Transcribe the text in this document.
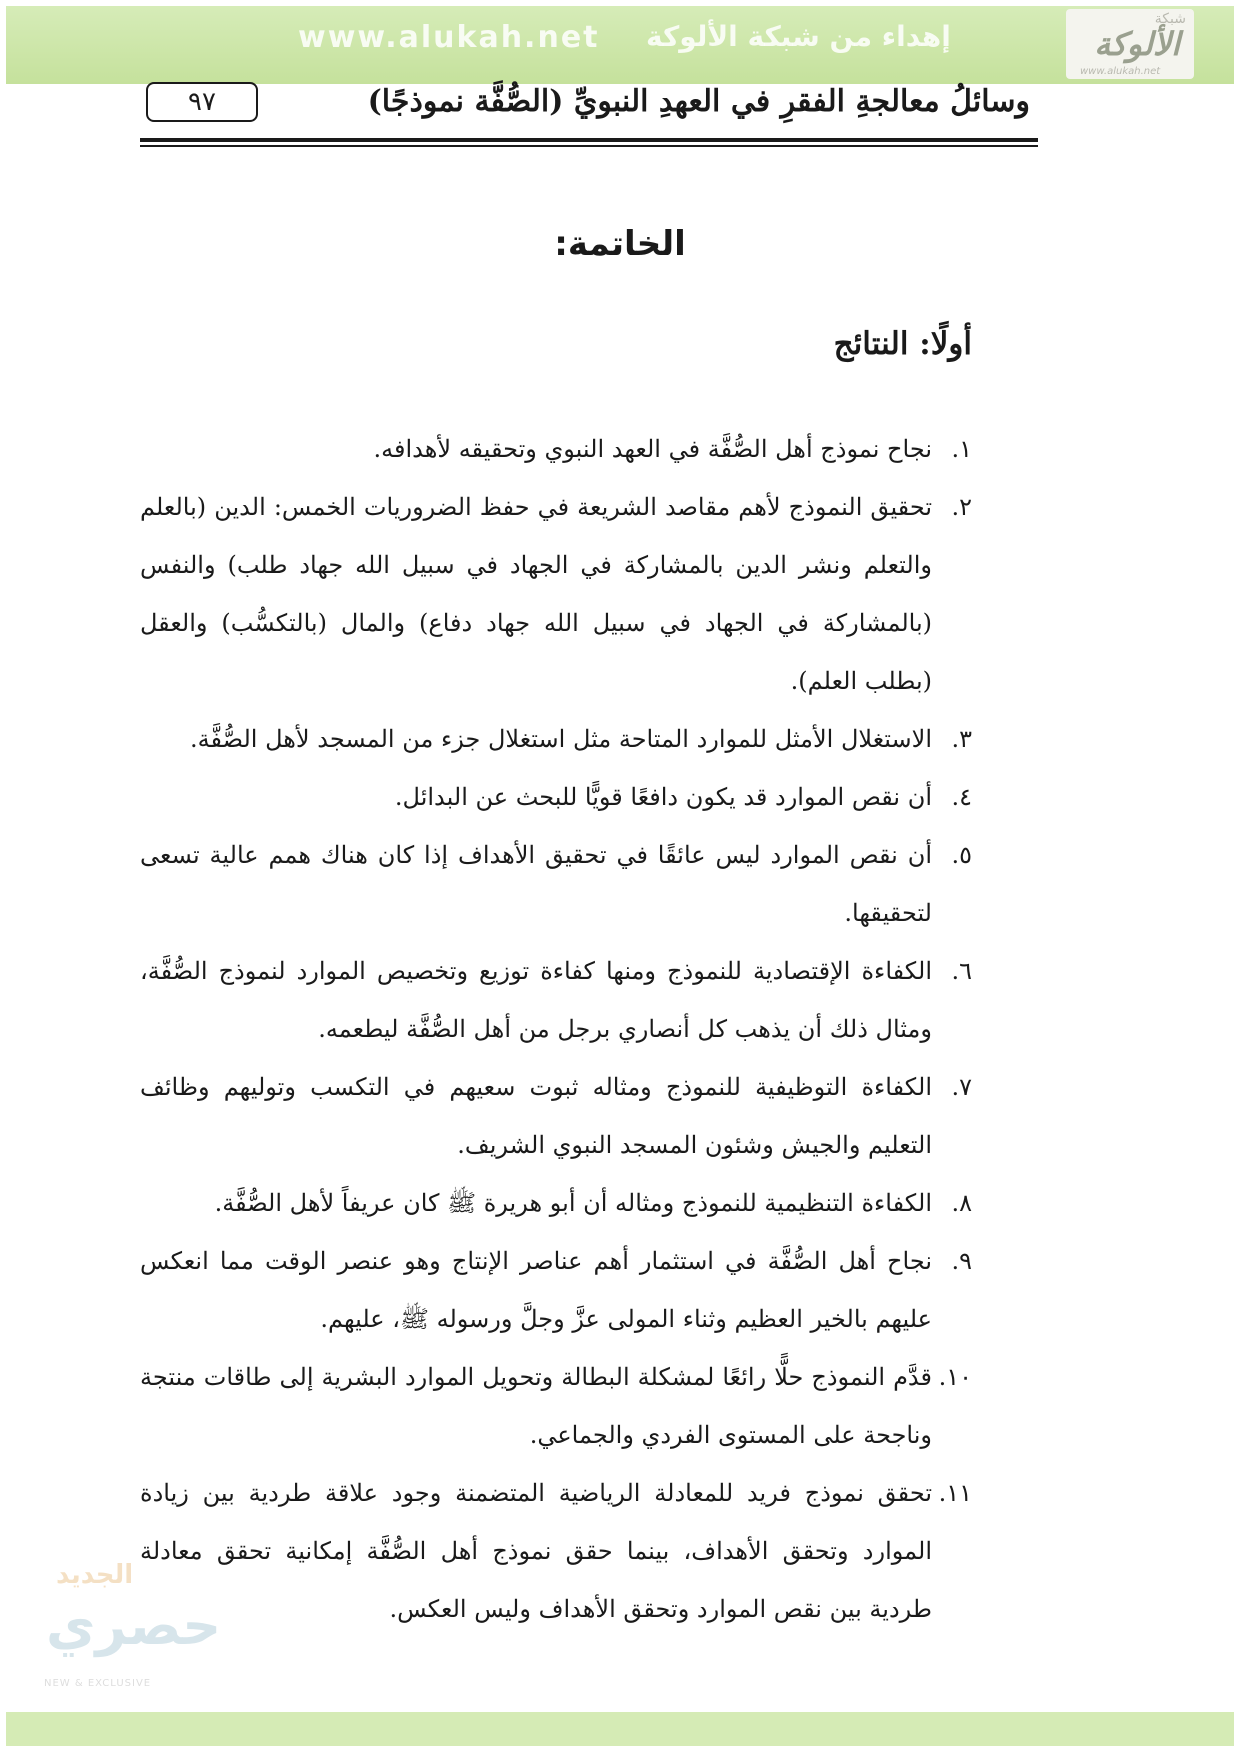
www.alukah.net إهداء من شبكة الألوكة
شبكة
الألوكة
www.alukah.net
وسائلُ معالجةِ الفقرِ في العهدِ النبويِّ (الصُّفَّة نموذجًا)
٩٧
الخاتمة:
أولًا: النتائج
١.
نجاح نموذج أهل الصُّفَّة في العهد النبوي وتحقيقه لأهدافه.
٢.
تحقيق النموذج لأهم مقاصد الشريعة في حفظ الضروريات الخمس: الدين (بالعلم والتعلم ونشر الدين بالمشاركة في الجهاد في سبيل الله جهاد طلب) والنفس (بالمشاركة في الجهاد في سبيل الله جهاد دفاع) والمال (بالتكسُّب) والعقل (بطلب العلم).
٣.
الاستغلال الأمثل للموارد المتاحة مثل استغلال جزء من المسجد لأهل الصُّفَّة.
٤.
أن نقص الموارد قد يكون دافعًا قويًّا للبحث عن البدائل.
٥.
أن نقص الموارد ليس عائقًا في تحقيق الأهداف إذا كان هناك همم عالية تسعى لتحقيقها.
٦.
الكفاءة الإقتصادية للنموذج ومنها كفاءة توزيع وتخصيص الموارد لنموذج الصُّفَّة، ومثال ذلك أن يذهب كل أنصاري برجل من أهل الصُّفَّة ليطعمه.
٧.
الكفاءة التوظيفية للنموذج ومثاله ثبوت سعيهم في التكسب وتوليهم وظائف التعليم والجيش وشئون المسجد النبوي الشريف.
٨.
الكفاءة التنظيمية للنموذج ومثاله أن أبو هريرة ﷺ كان عريفاً لأهل الصُّفَّة.
٩.
نجاح أهل الصُّفَّة في استثمار أهم عناصر الإنتاج وهو عنصر الوقت مما انعكس عليهم بالخير العظيم وثناء المولى عزَّ وجلَّ ورسوله ﷺ، عليهم.
١٠.
قدَّم النموذج حلًّا رائعًا لمشكلة البطالة وتحويل الموارد البشرية إلى طاقات منتجة وناجحة على المستوى الفردي والجماعي.
١١.
تحقق نموذج فريد للمعادلة الرياضية المتضمنة وجود علاقة طردية بين زيادة الموارد وتحقق الأهداف، بينما حقق نموذج أهل الصُّفَّة إمكانية تحقق معادلة طردية بين نقص الموارد وتحقق الأهداف وليس العكس.
الجديد
حصري
NEW & EXCLUSIVE
